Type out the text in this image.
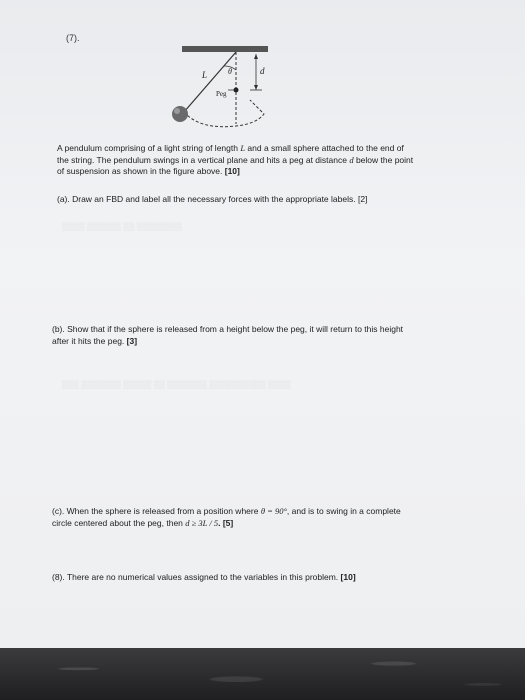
(7).
L	θ	d
Peg
A pendulum comprising of a light string of length L and a small sphere attached to the end of
the string. The pendulum swings in a vertical plane and hits a peg at distance d below the point
of suspension as shown in the figure above. [10]
(a). Draw an FBD and label all the necessary forces with the appropriate labels. [2]
▒▒▒▒ ▒▒▒▒▒▒ ▒▒ ▒▒▒▒▒▒▒▒
(b). Show that if the sphere is released from a height below the peg, it will return to this height
after it hits the peg. [3]
▒▒▒ ▒▒▒▒▒▒▒ ▒▒▒▒▒ ▒▒ ▒▒▒▒▒▒▒ ▒▒▒▒▒▒▒▒▒▒ ▒▒▒▒
(c). When the sphere is released from a position where θ = 90°, and is to swing in a complete
circle centered about the peg, then d ≥ 3L / 5. [5]
(8). There are no numerical values assigned to the variables in this problem. [10]
